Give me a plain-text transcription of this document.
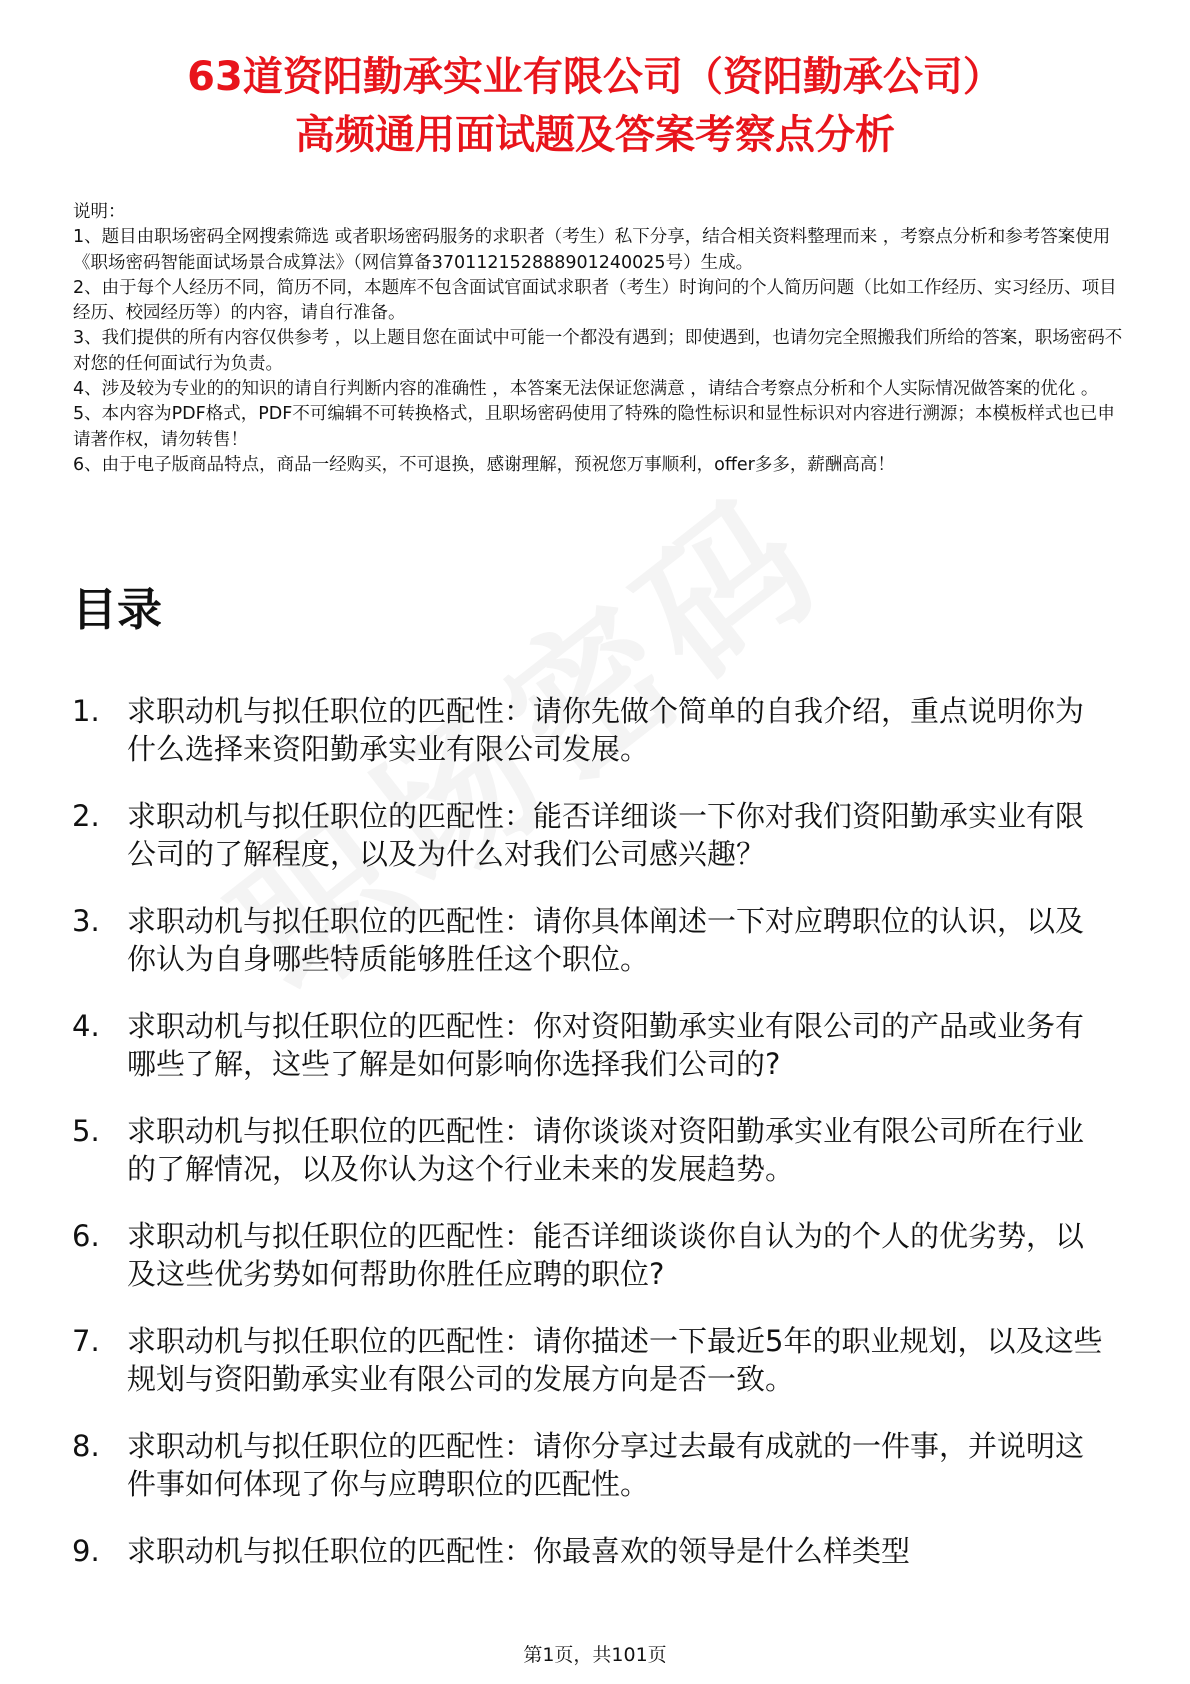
63道资阳勤承实业有限公司（资阳勤承公司）
高频通用面试题及答案考察点分析
说明：
1、题目由职场密码全网搜索筛选 或者职场密码服务的求职者（考生）私下分享，结合相关资料整理而来 ，考察点分析和参考答案使用《职场密码智能面试场景合成算法》（网信算备370112152888901240025号）生成。
2、由于每个人经历不同，简历不同，本题库不包含面试官面试求职者（考生）时询问的个人简历问题（比如工作经历、实习经历、项目经历、校园经历等）的内容，请自行准备。
3、我们提供的所有内容仅供参考 ，以上题目您在面试中可能一个都没有遇到；即使遇到，也请勿完全照搬我们所给的答案，职场密码不对您的任何面试行为负责。
4、涉及较为专业的的知识的请自行判断内容的准确性 ，本答案无法保证您满意 ，请结合考察点分析和个人实际情况做答案的优化 。
5、本内容为PDF格式，PDF不可编辑不可转换格式，且职场密码使用了特殊的隐性标识和显性标识对内容进行溯源；本模板样式也已申请著作权，请勿转售！
6、由于电子版商品特点，商品一经购买，不可退换，感谢理解，预祝您万事顺利，offer多多，薪酬高高！
目录
1. 求职动机与拟任职位的匹配性：请你先做个简单的自我介绍，重点说明你为什么选择来资阳勤承实业有限公司发展。
2. 求职动机与拟任职位的匹配性：能否详细谈一下你对我们资阳勤承实业有限公司的了解程度，以及为什么对我们公司感兴趣？
3. 求职动机与拟任职位的匹配性：请你具体阐述一下对应聘职位的认识，以及你认为自身哪些特质能够胜任这个职位。
4. 求职动机与拟任职位的匹配性：你对资阳勤承实业有限公司的产品或业务有哪些了解，这些了解是如何影响你选择我们公司的?
5. 求职动机与拟任职位的匹配性：请你谈谈对资阳勤承实业有限公司所在行业的了解情况，以及你认为这个行业未来的发展趋势。
6. 求职动机与拟任职位的匹配性：能否详细谈谈你自认为的个人的优劣势，以及这些优劣势如何帮助你胜任应聘的职位?
7. 求职动机与拟任职位的匹配性：请你描述一下最近5年的职业规划，以及这些规划与资阳勤承实业有限公司的发展方向是否一致。
8. 求职动机与拟任职位的匹配性：请你分享过去最有成就的一件事，并说明这件事如何体现了你与应聘职位的匹配性。
9. 求职动机与拟任职位的匹配性：你最喜欢的领导是什么样类型
第1页，共101页
